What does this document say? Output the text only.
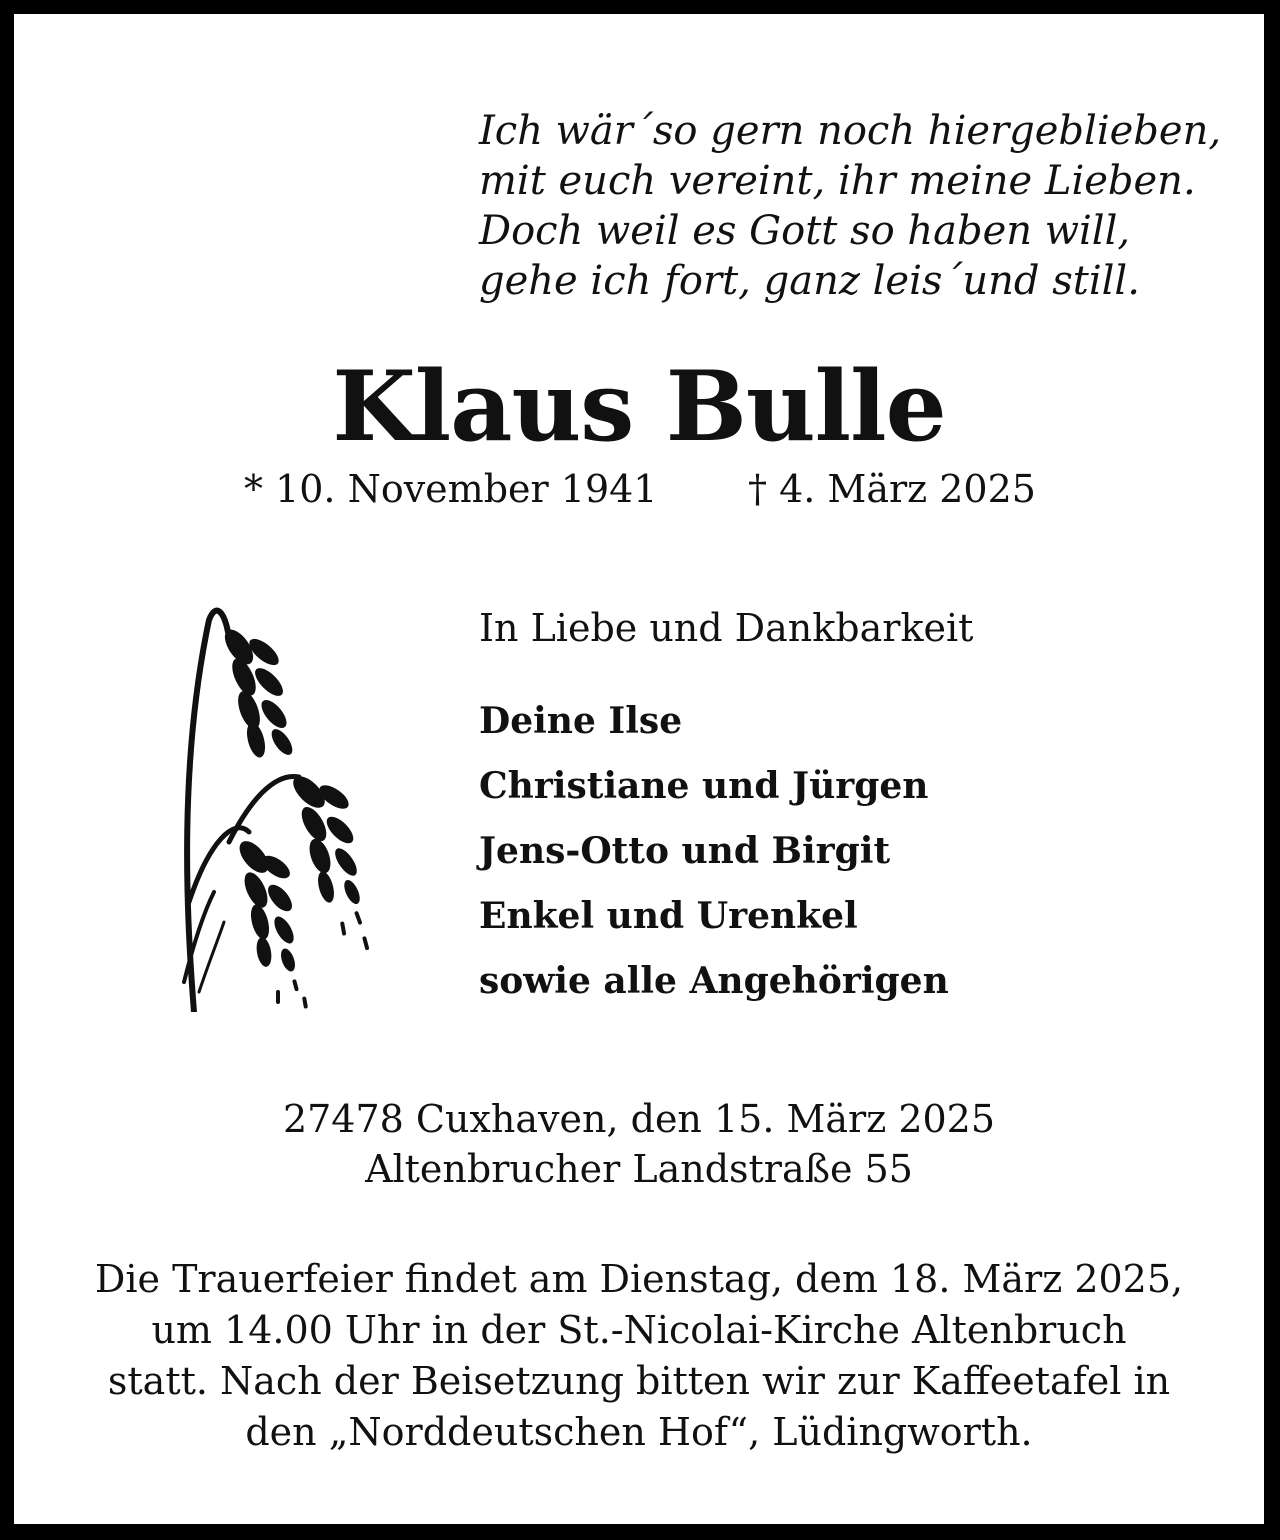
Ich wär´so gern noch hiergeblieben,
mit euch vereint, ihr meine Lieben.
Doch weil es Gott so haben will,
gehe ich fort, ganz leis´und still.
Klaus Bulle
* 10. November 1941 † 4. März 2025
In Liebe und Dankbarkeit
Deine Ilse
Christiane und Jürgen
Jens-Otto und Birgit
Enkel und Urenkel
sowie alle Angehörigen
27478 Cuxhaven, den 15. März 2025
Altenbrucher Landstraße 55
Die Trauerfeier findet am Dienstag, dem 18. März 2025,
um 14.00 Uhr in der St.-Nicolai-Kirche Altenbruch
statt. Nach der Beisetzung bitten wir zur Kaffeetafel in
den „Norddeutschen Hof“, Lüdingworth.
